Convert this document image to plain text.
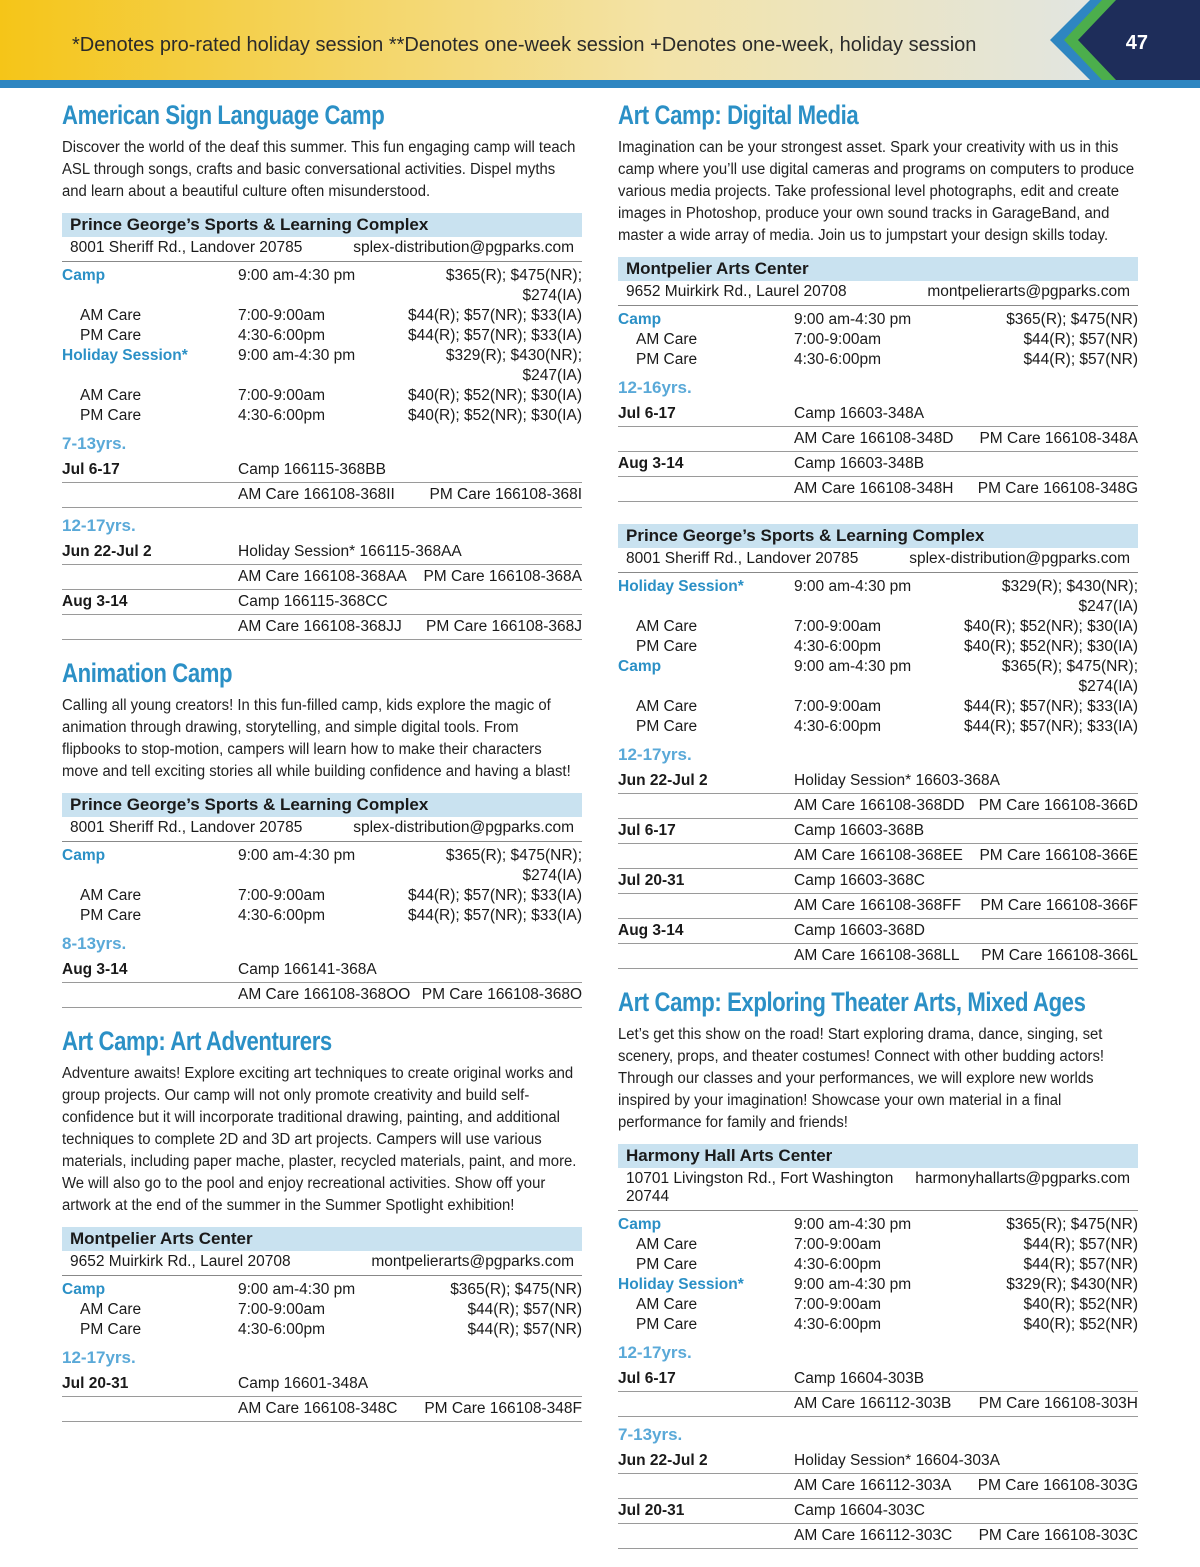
*Denotes pro-rated holiday session **Denotes one-week session +Denotes one-week, holiday session	47
American Sign Language Camp
Discover the world of the deaf this summer. This fun engaging camp will teach ASL through songs, crafts and basic conversational activities. Dispel myths and learn about a beautiful culture often misunderstood.
Prince George’s Sports & Learning Complex
8001 Sheriff Rd., Landover 20785	splex-distribution@pgparks.com
Camp	9:00 am-4:30 pm	$365(R); $475(NR); $274(IA)
AM Care	7:00-9:00am	$44(R); $57(NR); $33(IA)
PM Care	4:30-6:00pm	$44(R); $57(NR); $33(IA)
Holiday Session*	9:00 am-4:30 pm	$329(R); $430(NR); $247(IA)
AM Care	7:00-9:00am	$40(R); $52(NR); $30(IA)
PM Care	4:30-6:00pm	$40(R); $52(NR); $30(IA)
7-13yrs.
Jul 6-17	Camp 166115-368BB
AM Care 166108-368II	PM Care 166108-368I
12-17yrs.
Jun 22-Jul 2	Holiday Session* 166115-368AA
AM Care 166108-368AA	PM Care 166108-368A
Aug 3-14	Camp 166115-368CC
AM Care 166108-368JJ	PM Care 166108-368J
Animation Camp
Calling all young creators! In this fun-filled camp, kids explore the magic of animation through drawing, storytelling, and simple digital tools. From flipbooks to stop-motion, campers will learn how to make their characters move and tell exciting stories all while building confidence and having a blast!
Prince George’s Sports & Learning Complex
8001 Sheriff Rd., Landover 20785	splex-distribution@pgparks.com
Camp	9:00 am-4:30 pm	$365(R); $475(NR); $274(IA)
AM Care	7:00-9:00am	$44(R); $57(NR); $33(IA)
PM Care	4:30-6:00pm	$44(R); $57(NR); $33(IA)
8-13yrs.
Aug 3-14	Camp 166141-368A
AM Care 166108-368OO PM Care 166108-368O
Art Camp: Art Adventurers
Adventure awaits! Explore exciting art techniques to create original works and group projects. Our camp will not only promote creativity and build self-confidence but it will incorporate traditional drawing, painting, and additional techniques to complete 2D and 3D art projects. Campers will use various materials, including paper mache, plaster, recycled materials, paint, and more. We will also go to the pool and enjoy recreational activities. Show off your artwork at the end of the summer in the Summer Spotlight exhibition!
Montpelier Arts Center
9652 Muirkirk Rd., Laurel 20708	montpelierarts@pgparks.com
Camp	9:00 am-4:30 pm	$365(R); $475(NR)
AM Care	7:00-9:00am	$44(R); $57(NR)
PM Care	4:30-6:00pm	$44(R); $57(NR)
12-17yrs.
Jul 20-31	Camp 16601-348A
AM Care 166108-348C	PM Care 166108-348F
Art Camp: Digital Media
Imagination can be your strongest asset. Spark your creativity with us in this camp where you’ll use digital cameras and programs on computers to produce various media projects. Take professional level photographs, edit and create images in Photoshop, produce your own sound tracks in GarageBand, and master a wide array of media. Join us to jumpstart your design skills today.
Montpelier Arts Center
9652 Muirkirk Rd., Laurel 20708	montpelierarts@pgparks.com
Camp	9:00 am-4:30 pm	$365(R); $475(NR)
AM Care	7:00-9:00am	$44(R); $57(NR)
PM Care	4:30-6:00pm	$44(R); $57(NR)
12-16yrs.
Jul 6-17	Camp 16603-348A
AM Care 166108-348D	PM Care 166108-348A
Aug 3-14	Camp 16603-348B
AM Care 166108-348H	PM Care 166108-348G
Prince George’s Sports & Learning Complex
8001 Sheriff Rd., Landover 20785	splex-distribution@pgparks.com
Holiday Session*	9:00 am-4:30 pm	$329(R); $430(NR); $247(IA)
AM Care	7:00-9:00am	$40(R); $52(NR); $30(IA)
PM Care	4:30-6:00pm	$40(R); $52(NR); $30(IA)
Camp	9:00 am-4:30 pm	$365(R); $475(NR); $274(IA)
AM Care	7:00-9:00am	$44(R); $57(NR); $33(IA)
PM Care	4:30-6:00pm	$44(R); $57(NR); $33(IA)
12-17yrs.
Jun 22-Jul 2	Holiday Session* 16603-368A
AM Care 166108-368DD PM Care 166108-366D
Jul 6-17	Camp 16603-368B
AM Care 166108-368EE	PM Care 166108-366E
Jul 20-31	Camp 16603-368C
AM Care 166108-368FF	PM Care 166108-366F
Aug 3-14	Camp 16603-368D
AM Care 166108-368LL	PM Care 166108-366L
Art Camp: Exploring Theater Arts, Mixed Ages
Let’s get this show on the road! Start exploring drama, dance, singing, set scenery, props, and theater costumes! Connect with other budding actors! Through our classes and your performances, we will explore new worlds inspired by your imagination! Showcase your own material in a final performance for family and friends!
Harmony Hall Arts Center
10701 Livingston Rd., Fort Washington 20744
harmonyhallarts@pgparks.com
Camp	9:00 am-4:30 pm	$365(R); $475(NR)
AM Care	7:00-9:00am	$44(R); $57(NR)
PM Care	4:30-6:00pm	$44(R); $57(NR)
Holiday Session*	9:00 am-4:30 pm	$329(R); $430(NR)
AM Care	7:00-9:00am	$40(R); $52(NR)
PM Care	4:30-6:00pm	$40(R); $52(NR)
12-17yrs.
Jul 6-17	Camp 16604-303B
AM Care 166112-303B	PM Care 166108-303H
7-13yrs.
Jun 22-Jul 2	Holiday Session* 16604-303A
AM Care 166112-303A	PM Care 166108-303G
Jul 20-31	Camp 16604-303C
AM Care 166112-303C	PM Care 166108-303C
